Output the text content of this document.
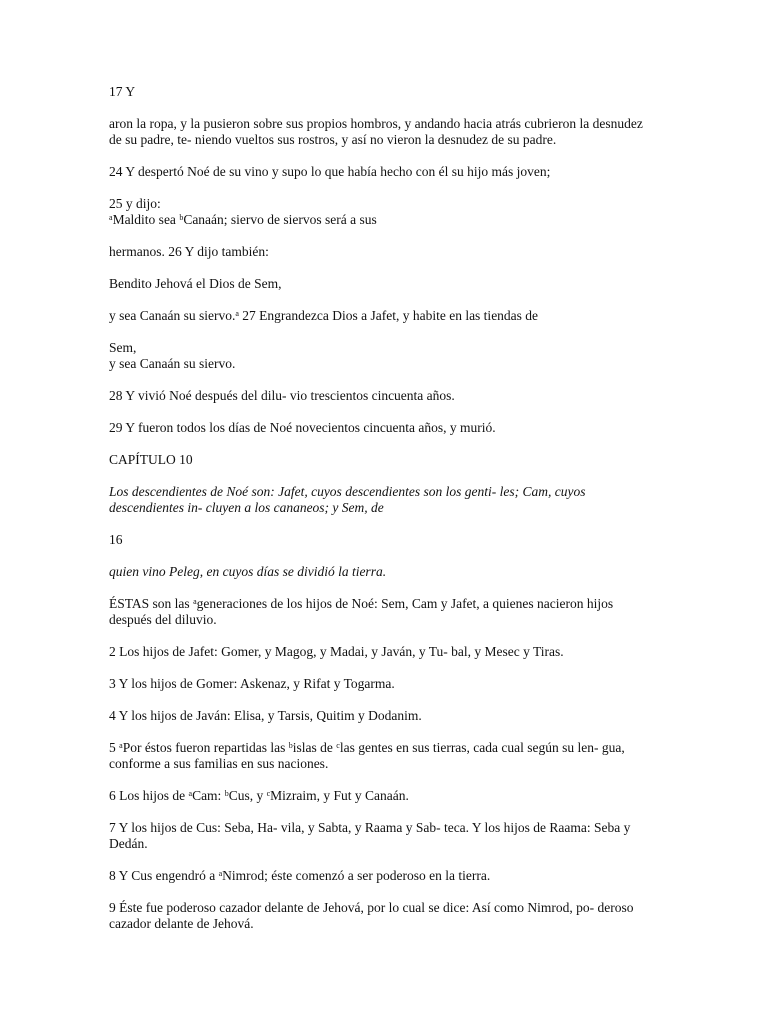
17 Y

aron la ropa, y la pusieron sobre sus propios hombros, y andando hacia atrás cubrieron la desnudez de su padre, te- niendo vueltos sus rostros, y así no vieron la desnudez de su padre.

24 Y despertó Noé de su vino y supo lo que había hecho con él su hijo más joven;

25 y dijo:
$^a$Maldito sea $^b$Canaán; siervo de siervos será a sus

hermanos. 26 Y dijo también:

Bendito Jehová el Dios de Sem,

y sea Canaán su siervo.$^a$ 27 Engrandezca Dios a Jafet, y habite en las tiendas de

Sem,
y sea Canaán su siervo.

28 Y vivió Noé después del dilu- vio trescientos cincuenta años.

29 Y fueron todos los días de Noé novecientos cincuenta años, y murió.

CAPÍTULO 10

Los descendientes de Noé son: Jafet, cuyos descendientes son los genti- les; Cam, cuyos descendientes in- cluyen a los cananeos; y Sem, de

16

quien vino Peleg, en cuyos días se dividió la tierra.

ÉSTAS son las $^a$generaciones de los hijos de Noé: Sem, Cam y Jafet, a quienes nacieron hijos después del diluvio.

2 Los hijos de Jafet: Gomer, y Magog, y Madai, y Javán, y Tu- bal, y Mesec y Tiras.

3 Y los hijos de Gomer: Askenaz, y Rifat y Togarma.

4 Y los hijos de Javán: Elisa, y Tarsis, Quitim y Dodanim.

5 $^a$Por éstos fueron repartidas las $^b$islas de $^c$las gentes en sus tierras, cada cual según su len- gua, conforme a sus familias en sus naciones.

6 Los hijos de $^a$Cam: $^b$Cus, y $^c$Mizraim, y Fut y Canaán.

7 Y los hijos de Cus: Seba, Ha- vila, y Sabta, y Raama y Sab- teca. Y los hijos de Raama: Seba y Dedán.

8 Y Cus engendró a $^a$Nimrod; éste comenzó a ser poderoso en la tierra.

9 Éste fue poderoso cazador delante de Jehová, por lo cual se dice: Así como Nimrod, po- deroso cazador delante de Jehová.
